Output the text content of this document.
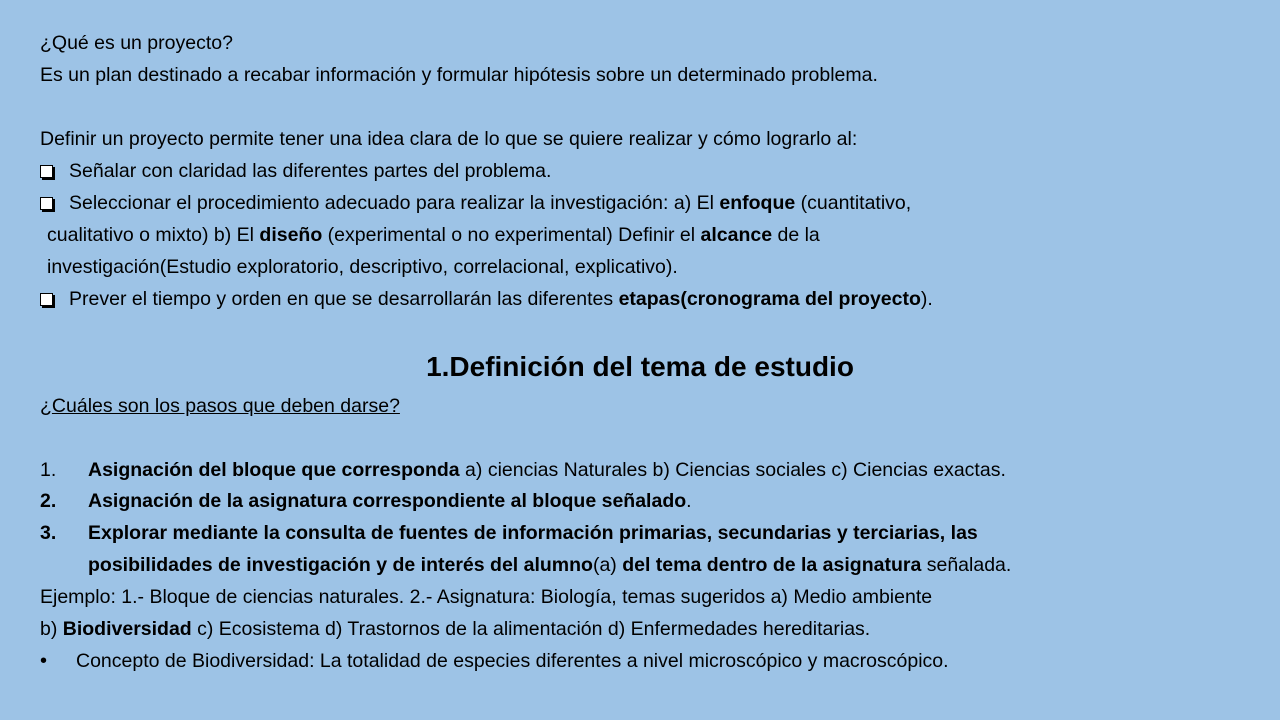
¿Qué es un proyecto?
Es un plan destinado a recabar información y formular hipótesis sobre un determinado problema.
Definir un proyecto permite tener una idea clara de lo que se quiere realizar y cómo lograrlo al:
Señalar con claridad las diferentes partes del problema.
Seleccionar el procedimiento adecuado para realizar la investigación: a) El enfoque (cuantitativo,
cualitativo o mixto) b) El diseño (experimental o no experimental) Definir el alcance de la
investigación(Estudio exploratorio, descriptivo, correlacional, explicativo).
Prever el tiempo y orden en que se desarrollarán las diferentes etapas(cronograma del proyecto).
1.Definición del tema de estudio
¿Cuáles son los pasos que deben darse?
1. Asignación del bloque que corresponda a) ciencias Naturales b) Ciencias sociales c) Ciencias exactas.
2. Asignación de la asignatura correspondiente al bloque señalado.
3. Explorar mediante la consulta de fuentes de información primarias, secundarias y terciarias, las
posibilidades de investigación y de interés del alumno(a) del tema dentro de la asignatura señalada.
Ejemplo: 1.- Bloque de ciencias naturales. 2.- Asignatura: Biología, temas sugeridos a) Medio ambiente
b) Biodiversidad c) Ecosistema d) Trastornos de la alimentación d) Enfermedades hereditarias.
• Concepto de Biodiversidad: La totalidad de especies diferentes a nivel microscópico y macroscópico.
